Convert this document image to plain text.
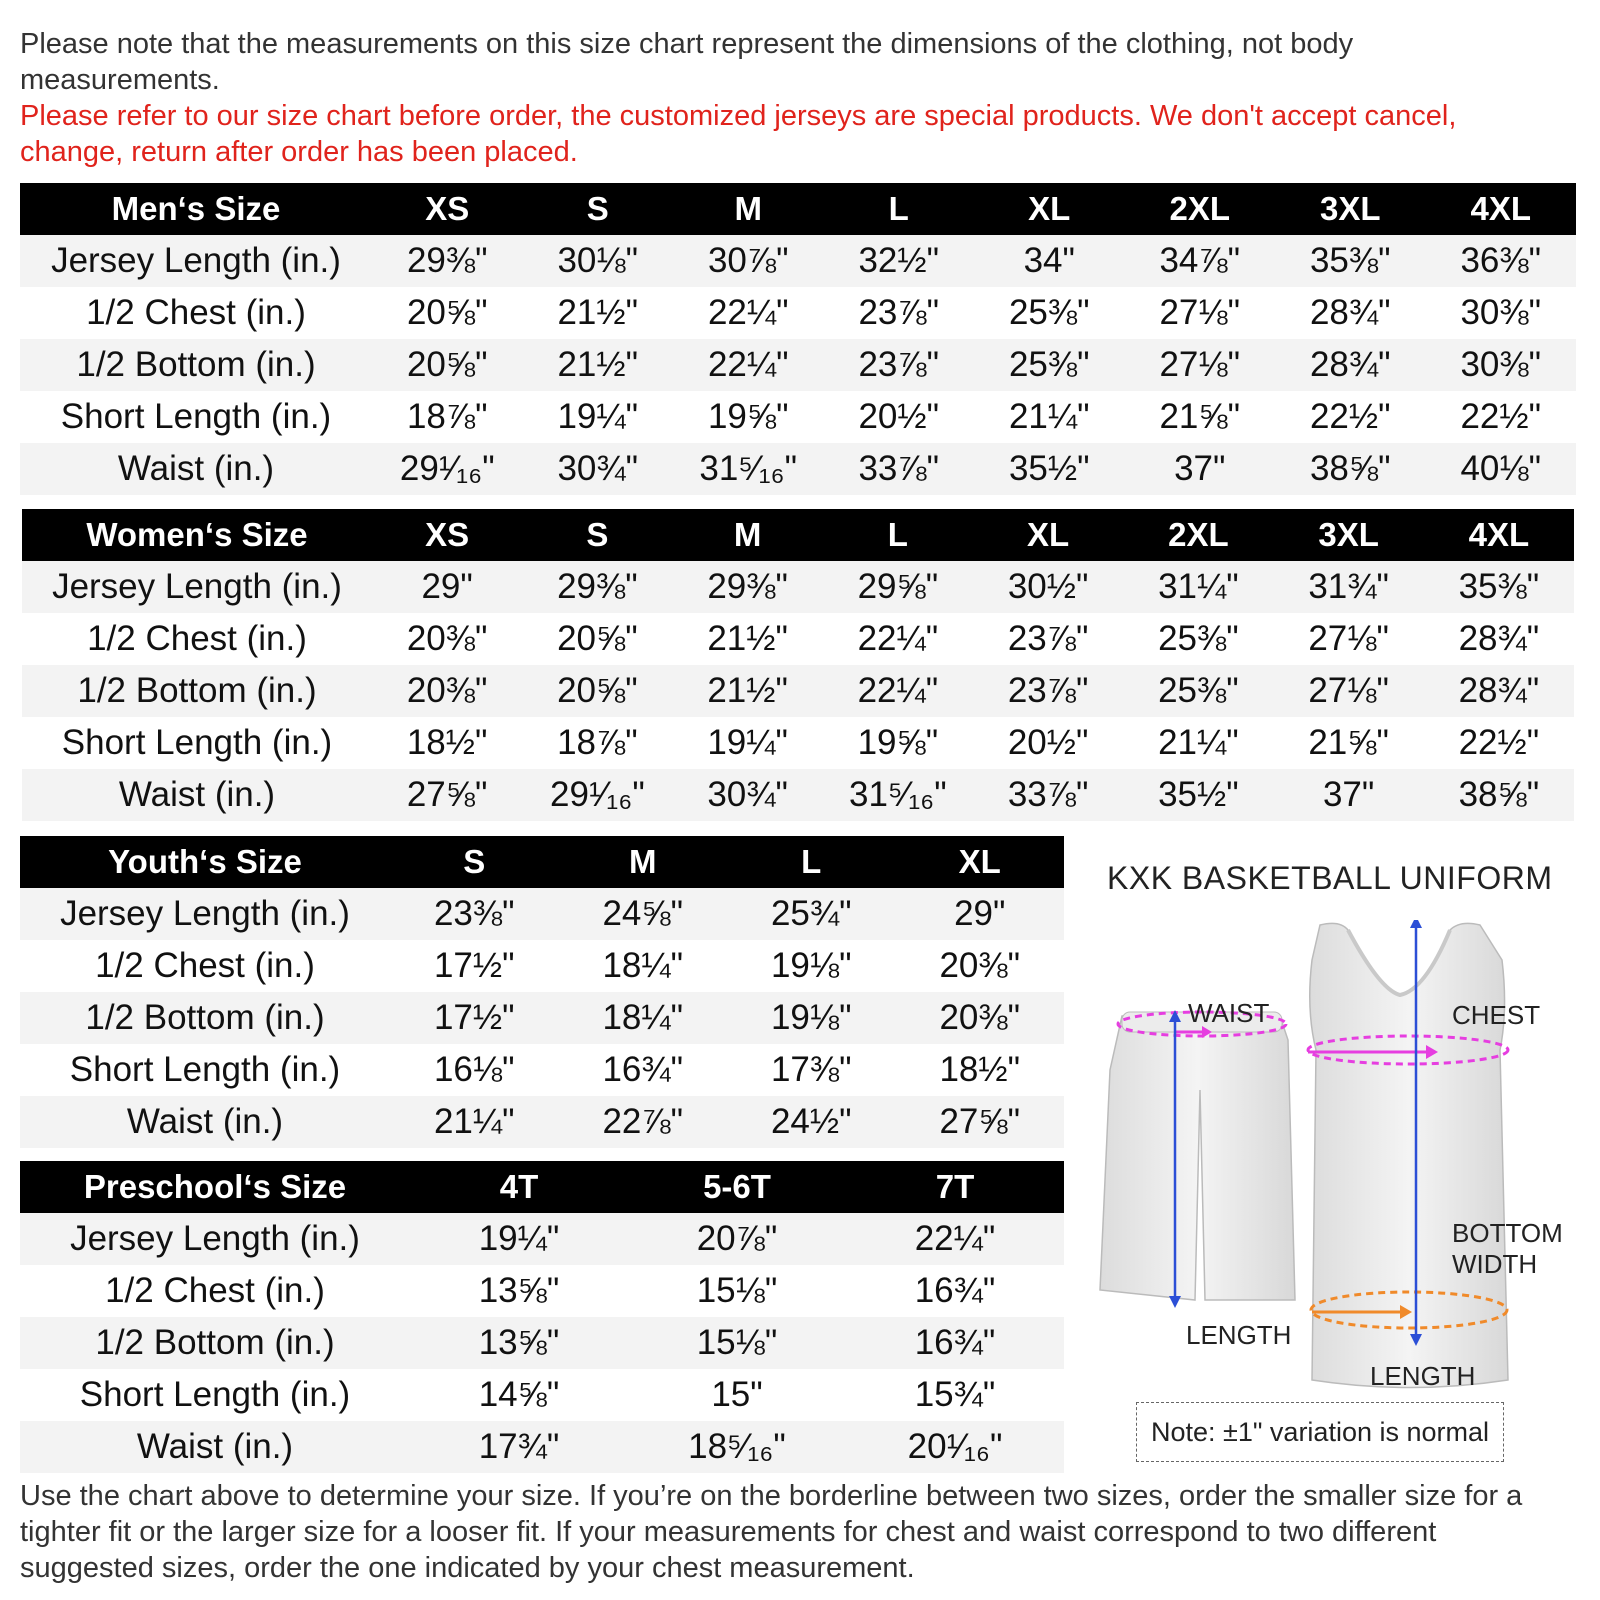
Please note that the measurements on this size chart represent the dimensions of the clothing, not body measurements.
Please refer to our size chart before order, the customized jerseys are special products. We don't accept cancel, change, return after order has been placed.
Men‘s Size	XS	S	M	L	XL	2XL	3XL	4XL
Jersey Length (in.)	29⅜"	30⅛"	30⅞"	32½"	34"	34⅞"	35⅜"	36⅜"
1/2 Chest (in.)	20⅝"	21½"	22¼"	23⅞"	25⅜"	27⅛"	28¾"	30⅜"
1/2 Bottom (in.)	20⅝"	21½"	22¼"	23⅞"	25⅜"	27⅛"	28¾"	30⅜"
Short Length (in.)	18⅞"	19¼"	19⅝"	20½"	21¼"	21⅝"	22½"	22½"
Waist (in.)	29¹⁄₁₆"	30¾"	31⁵⁄₁₆"	33⅞"	35½"	37"	38⅝"	40⅛"
Women‘s Size	XS	S	M	L	XL	2XL	3XL	4XL
Jersey Length (in.)	29"	29⅜"	29⅜"	29⅝"	30½"	31¼"	31¾"	35⅜"
1/2 Chest (in.)	20⅜"	20⅝"	21½"	22¼"	23⅞"	25⅜"	27⅛"	28¾"
1/2 Bottom (in.)	20⅜"	20⅝"	21½"	22¼"	23⅞"	25⅜"	27⅛"	28¾"
Short Length (in.)	18½"	18⅞"	19¼"	19⅝"	20½"	21¼"	21⅝"	22½"
Waist (in.)	27⅝"	29¹⁄₁₆"	30¾"	31⁵⁄₁₆"	33⅞"	35½"	37"	38⅝"
Youth‘s Size	S	M	L	XL
Jersey Length (in.)	23⅜"	24⅝"	25¾"	29"
1/2 Chest (in.)	17½"	18¼"	19⅛"	20⅜"
1/2 Bottom (in.)	17½"	18¼"	19⅛"	20⅜"
Short Length (in.)	16⅛"	16¾"	17⅜"	18½"
Waist (in.)	21¼"	22⅞"	24½"	27⅝"
Preschool‘s Size	4T	5-6T	7T
Jersey Length (in.)	19¼"	20⅞"	22¼"
1/2 Chest (in.)	13⅝"	15⅛"	16¾"
1/2 Bottom (in.)	13⅝"	15⅛"	16¾"
Short Length (in.)	14⅝"	15"	15¾"
Waist (in.)	17¾"	18⁵⁄₁₆"	20¹⁄₁₆"
KXK BASKETBALL UNIFORM
WAIST	CHEST
BOTTOM
WIDTH
LENGTH
LENGTH
Note: ±1" variation is normal
Use the chart above to determine your size. If you’re on the borderline between two sizes, order the smaller size for a tighter fit or the larger size for a looser fit. If your measurements for chest and waist correspond to two different suggested sizes, order the one indicated by your chest measurement.
